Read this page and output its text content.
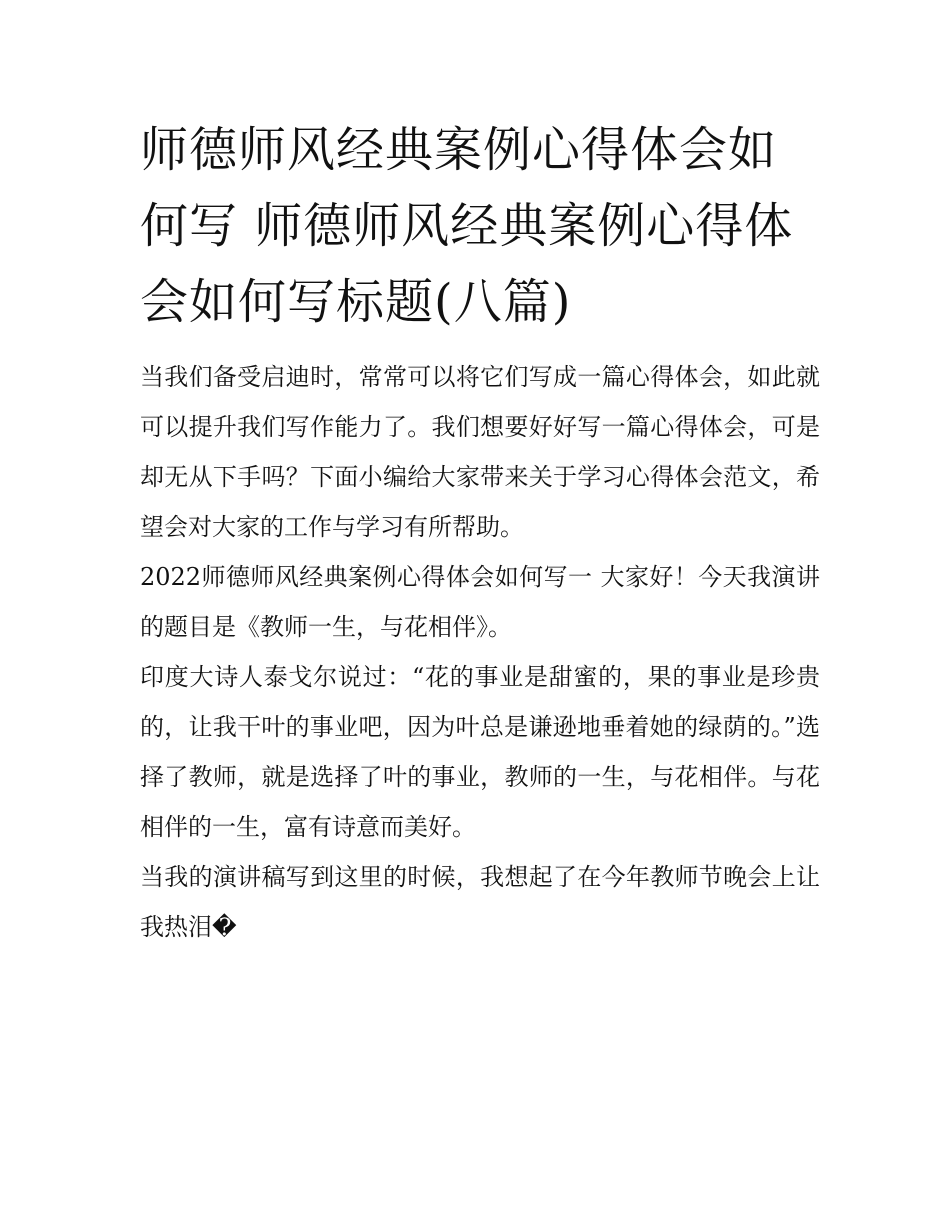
师德师风经典案例心得体会如何写 师德师风经典案例心得体会如何写标题(八篇)

当我们备受启迪时，常常可以将它们写成一篇心得体会，如此就可以提升我们写作能力了。我们想要好好写一篇心得体会，可是却无从下手吗？下面小编给大家带来关于学习心得体会范文，希望会对大家的工作与学习有所帮助。

2022师德师风经典案例心得体会如何写一 大家好！今天我演讲的题目是《教师一生，与花相伴》。

印度大诗人泰戈尔说过：“花的事业是甜蜜的，果的事业是珍贵的，让我干叶的事业吧，因为叶总是谦逊地垂着她的绿荫的。”选择了教师，就是选择了叶的事业，教师的一生，与花相伴。与花相伴的一生，富有诗意而美好。

当我的演讲稿写到这里的时候，我想起了在今年教师节晚会上让我热泪�
